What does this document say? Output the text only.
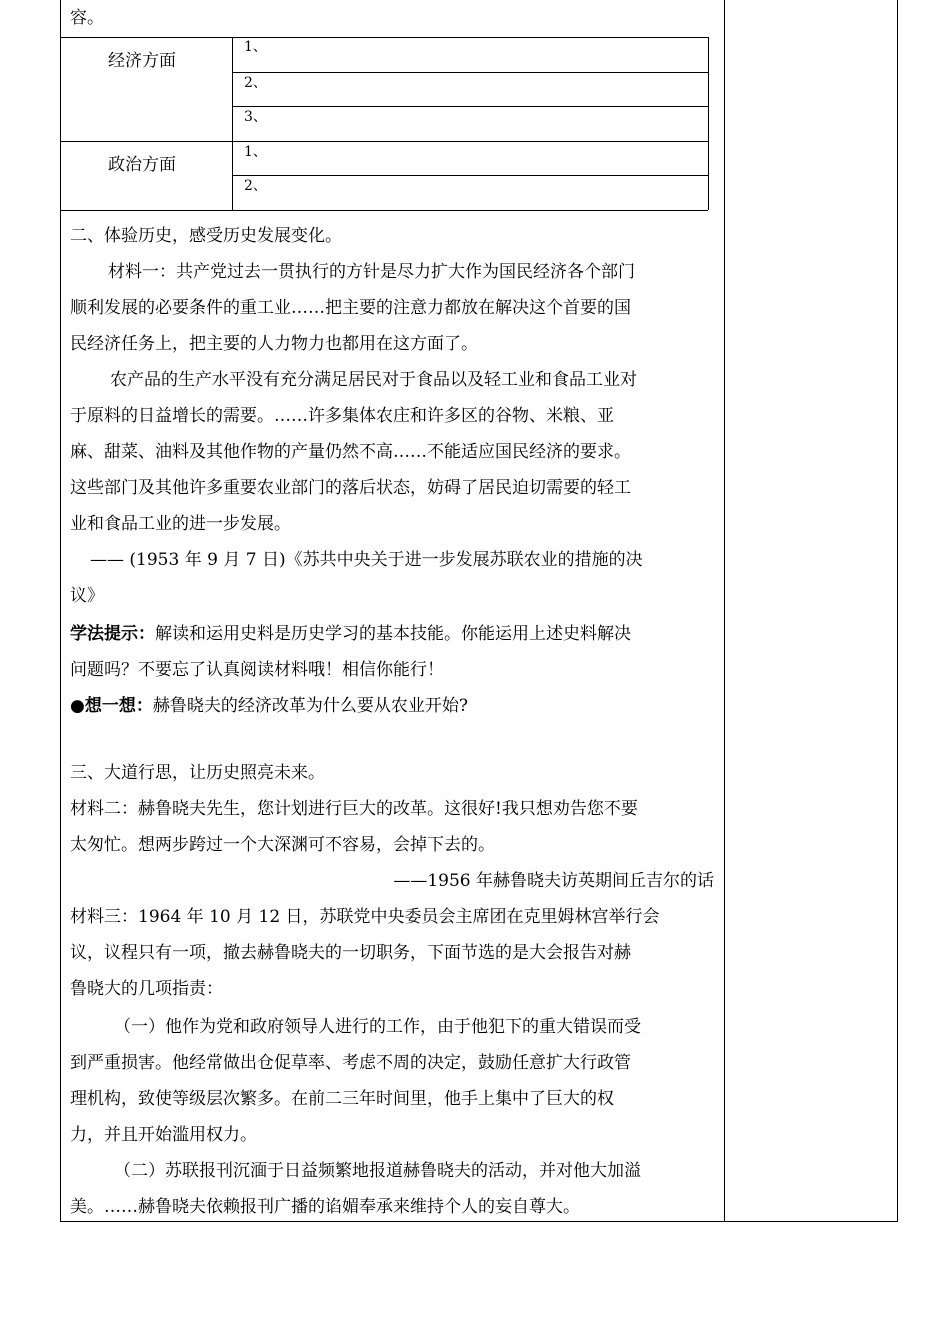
容。
经济方面
1、
2、
3、
政治方面
1、
2、
二、体验历史，感受历史发展变化。
材料一：共产党过去一贯执行的方针是尽力扩大作为国民经济各个部门
顺利发展的必要条件的重工业……把主要的注意力都放在解决这个首要的国
民经济任务上，把主要的人力物力也都用在这方面了。
农产品的生产水平没有充分满足居民对于食品以及轻工业和食品工业对
于原料的日益增长的需要。……许多集体农庄和许多区的谷物、米粮、亚
麻、甜菜、油料及其他作物的产量仍然不高……不能适应国民经济的要求。
这些部门及其他许多重要农业部门的落后状态，妨碍了居民迫切需要的轻工
业和食品工业的进一步发展。
—— (1953 年 9 月 7 日)《苏共中央关于进一步发展苏联农业的措施的决
议》
学法提示：解读和运用史料是历史学习的基本技能。你能运用上述史料解决
问题吗？不要忘了认真阅读材料哦！相信你能行！
●想一想：赫鲁晓夫的经济改革为什么要从农业开始?
三、大道行思，让历史照亮未来。
材料二：赫鲁晓夫先生，您计划进行巨大的改革。这很好!我只想劝告您不要
太匆忙。想两步跨过一个大深渊可不容易，会掉下去的。
——1956 年赫鲁晓夫访英期间丘吉尔的话
材料三：1964 年 10 月 12 日，苏联党中央委员会主席团在克里姆林宫举行会
议，议程只有一项，撤去赫鲁晓夫的一切职务，下面节选的是大会报告对赫
鲁晓大的几项指责：
（一）他作为党和政府领导人进行的工作，由于他犯下的重大错误而受
到严重损害。他经常做出仓促草率、考虑不周的决定，鼓励任意扩大行政管
理机构，致使等级层次繁多。在前二三年时间里，他手上集中了巨大的权
力，并且开始滥用权力。
（二）苏联报刊沉湎于日益频繁地报道赫鲁晓夫的活动，并对他大加溢
美。……赫鲁晓夫依赖报刊广播的谄媚奉承来维持个人的妄自尊大。
